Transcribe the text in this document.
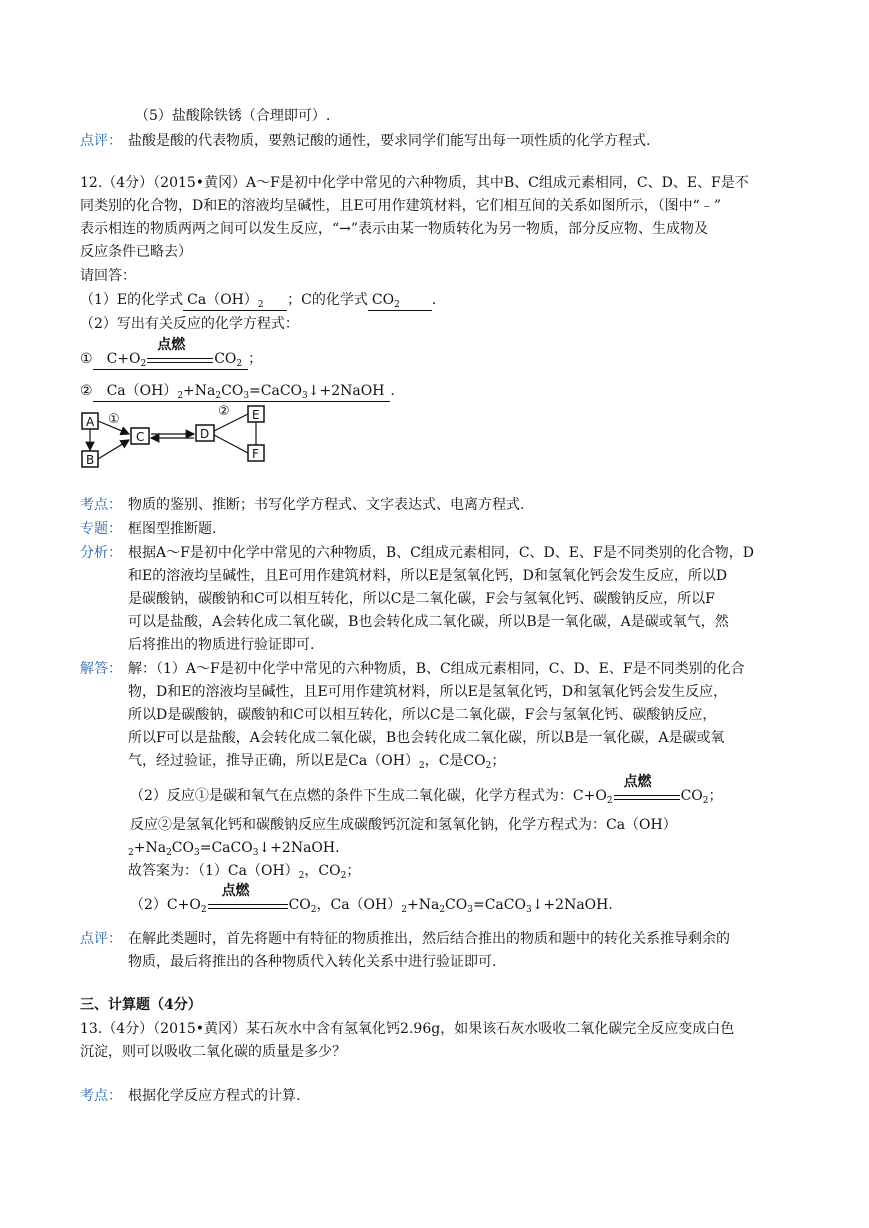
（5）盐酸除铁锈（合理即可）.
点评： 盐酸是酸的代表物质，要熟记酸的通性，要求同学们能写出每一项性质的化学方程式.
12.（4分）（2015•黄冈）A～F是初中化学中常见的六种物质，其中B、C组成元素相同，C、D、E、F是不
同类别的化合物，D和E的溶液均呈碱性，且E可用作建筑材料，它们相互间的关系如图所示，（图中“﹣”
表示相连的物质两两之间可以发生反应，“→”表示由某一物质转化为另一物质，部分反应物、生成物及
反应条件已略去）
请回答：
（1）E的化学式 $Ca(OH)_2$ ；C的化学式 $CO_2$ .
（2）写出有关反应的化学方程式：
① $C+O_2$
点燃
$CO_2$ ；
② $Ca(OH)_2+Na_2CO_3=CaCO_3↓+2NaOH$ .
A
B
C	D
E
F
①
②
考点： 物质的鉴别、推断；书写化学方程式、文字表达式、电离方程式.
专题： 框图型推断题.
分析： 根据A～F是初中化学中常见的六种物质，B、C组成元素相同，C、D、E、F是不同类别的化合物，D
和E的溶液均呈碱性，且E可用作建筑材料，所以E是氢氧化钙，D和氢氧化钙会发生反应，所以D
是碳酸钠，碳酸钠和C可以相互转化，所以C是二氧化碳，F会与氢氧化钙、碳酸钠反应，所以F
可以是盐酸，A会转化成二氧化碳，B也会转化成二氧化碳，所以B是一氧化碳，A是碳或氧气，然
后将推出的物质进行验证即可.
解答： 解：（1）A～F是初中化学中常见的六种物质，B、C组成元素相同，C、D、E、F是不同类别的化合
物，D和E的溶液均呈碱性，且E可用作建筑材料，所以E是氢氧化钙，D和氢氧化钙会发生反应，
所以D是碳酸钠，碳酸钠和C可以相互转化，所以C是二氧化碳，F会与氢氧化钙、碳酸钠反应，
所以F可以是盐酸，A会转化成二氧化碳，B也会转化成二氧化碳，所以B是一氧化碳，A是碳或氧
气，经过验证，推导正确，所以E是$Ca(OH)_2$，C是$CO_2$；
（2）反应①是碳和氧气在点燃的条件下生成二氧化碳，化学方程式为：$C+O_2$
点燃
$CO_2$；
反应②是氢氧化钙和碳酸钠反应生成碳酸钙沉淀和氢氧化钠，化学方程式为：Ca（OH）
$_2+Na_2CO_3=CaCO_3↓+2NaOH$.
故答案为：$(1)Ca(OH)_2$，$CO_2$；
$(2)C+O_2$
点燃
$CO_2$，$Ca(OH)_2+Na_2CO_3=CaCO_3↓+2NaOH$.
点评： 在解此类题时，首先将题中有特征的物质推出，然后结合推出的物质和题中的转化关系推导剩余的
物质，最后将推出的各种物质代入转化关系中进行验证即可.
三、计算题（4分）
13.（4分）（2015•黄冈）某石灰水中含有氢氧化钙2.96g，如果该石灰水吸收二氧化碳完全反应变成白色
沉淀，则可以吸收二氧化碳的质量是多少？
考点： 根据化学反应方程式的计算.
